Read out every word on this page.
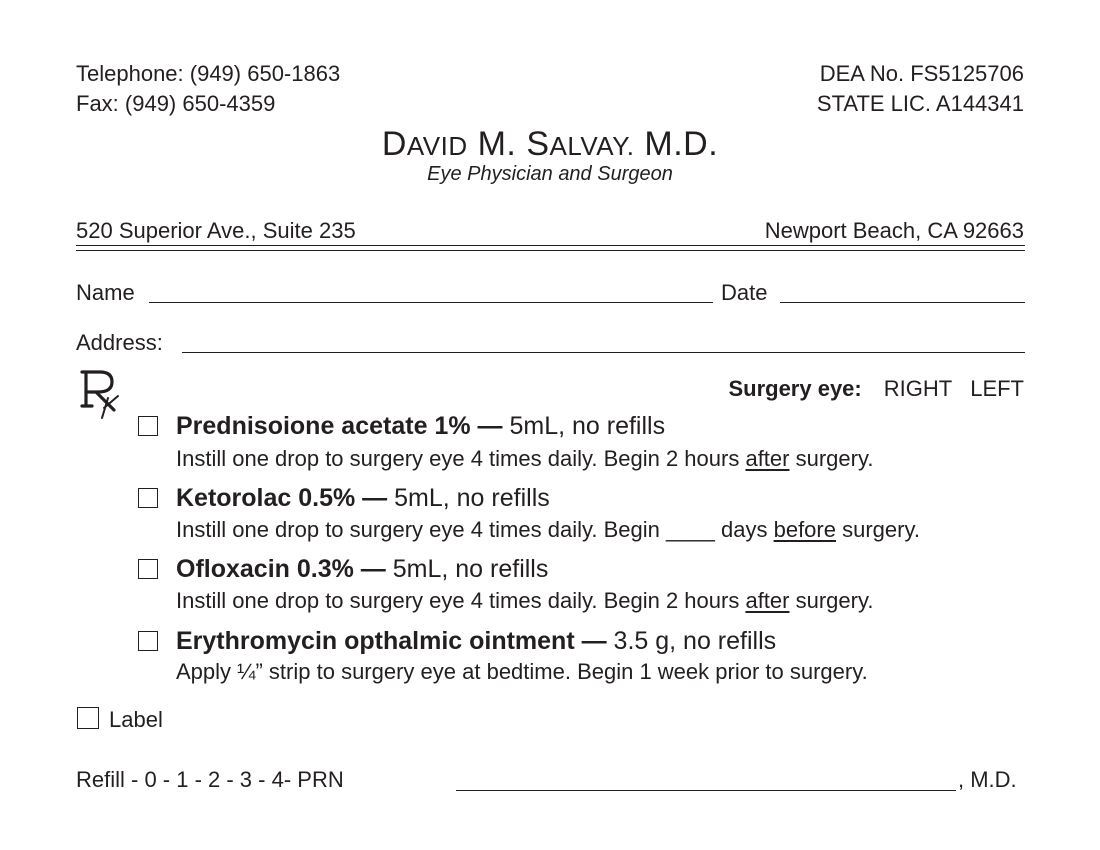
Telephone: (949) 650-1863
Fax: (949) 650-4359
DEA No. FS5125706
STATE LIC. A144341
DAVID M. SALVAY. M.D.
Eye Physician and Surgeon
520 Superior Ave., Suite 235	Newport Beach, CA 92663
Name	Date
Address:
Surgery eye: RIGHT LEFT
Prednisoione acetate 1% — 5mL, no refills
Instill one drop to surgery eye 4 times daily. Begin 2 hours after surgery.
Ketorolac 0.5% — 5mL, no refills
Instill one drop to surgery eye 4 times daily. Begin ____ days before surgery.
Ofloxacin 0.3% — 5mL, no refills
Instill one drop to surgery eye 4 times daily. Begin 2 hours after surgery.
Erythromycin opthalmic ointment — 3.5 g, no refills
Apply ¼” strip to surgery eye at bedtime. Begin 1 week prior to surgery.
Label
Refill - 0 - 1 - 2 - 3 - 4- PRN	, M.D.
